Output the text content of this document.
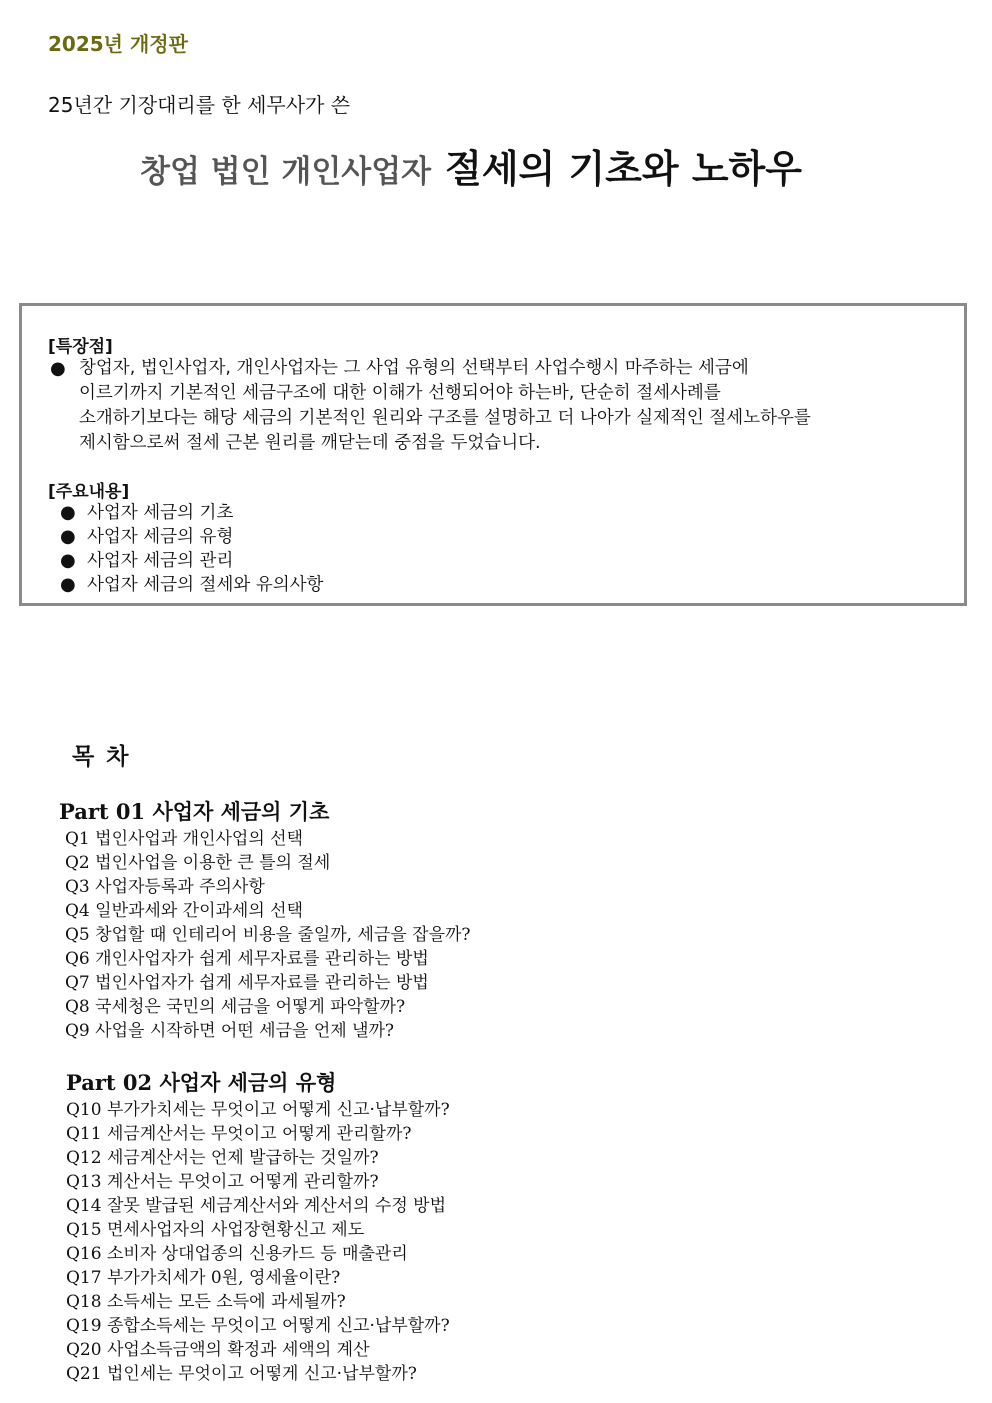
2025년 개정판
25년간 기장대리를 한 세무사가 쓴
창업 법인 개인사업자 절세의 기초와 노하우
[특장점]
● 창업자, 법인사업자, 개인사업자는 그 사업 유형의 선택부터 사업수행시 마주하는 세금에
이르기까지 기본적인 세금구조에 대한 이해가 선행되어야 하는바, 단순히 절세사례를
소개하기보다는 해당 세금의 기본적인 원리와 구조를 설명하고 더 나아가 실제적인 절세노하우를
제시함으로써 절세 근본 원리를 깨닫는데 중점을 두었습니다.

[주요내용]
● 사업자 세금의 기초
● 사업자 세금의 유형
● 사업자 세금의 관리
● 사업자 세금의 절세와 유의사항
목차
Part 01 사업자 세금의 기초
Q1 법인사업과 개인사업의 선택
Q2 법인사업을 이용한 큰 틀의 절세
Q3 사업자등록과 주의사항
Q4 일반과세와 간이과세의 선택
Q5 창업할 때 인테리어 비용을 줄일까, 세금을 잡을까?
Q6 개인사업자가 쉽게 세무자료를 관리하는 방법
Q7 법인사업자가 쉽게 세무자료를 관리하는 방법
Q8 국세청은 국민의 세금을 어떻게 파악할까?
Q9 사업을 시작하면 어떤 세금을 언제 낼까?
Part 02 사업자 세금의 유형
Q10 부가가치세는 무엇이고 어떻게 신고·납부할까?
Q11 세금계산서는 무엇이고 어떻게 관리할까?
Q12 세금계산서는 언제 발급하는 것일까?
Q13 계산서는 무엇이고 어떻게 관리할까?
Q14 잘못 발급된 세금계산서와 계산서의 수정 방법
Q15 면세사업자의 사업장현황신고 제도
Q16 소비자 상대업종의 신용카드 등 매출관리
Q17 부가가치세가 0원, 영세율이란?
Q18 소득세는 모든 소득에 과세될까?
Q19 종합소득세는 무엇이고 어떻게 신고·납부할까?
Q20 사업소득금액의 확정과 세액의 계산
Q21 법인세는 무엇이고 어떻게 신고·납부할까?
